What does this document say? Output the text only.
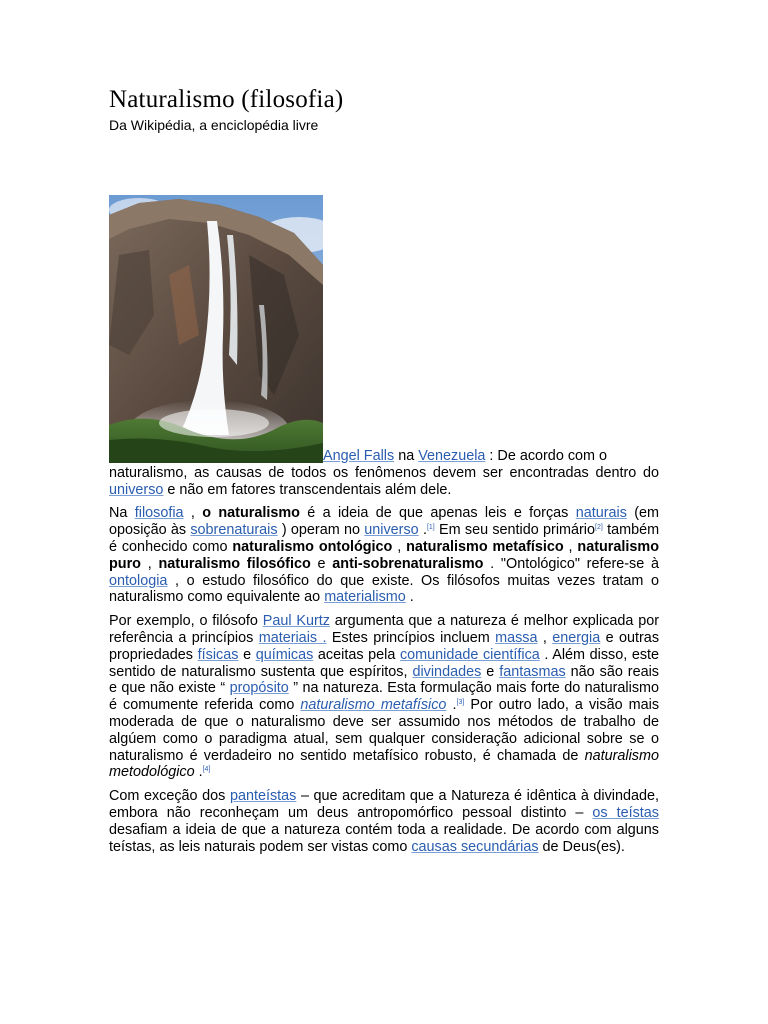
Naturalismo (filosofia)

Da Wikipédia, a enciclopédia livre

Angel Falls na Venezuela : De acordo com o
naturalismo, as causas de todos os fenômenos devem ser encontradas dentro do universo e não em fatores transcendentais além dele.

Na filosofia , o naturalismo é a ideia de que apenas leis e forças naturais (em oposição às sobrenaturais ) operam no universo .[1] Em seu sentido primário[2] também é conhecido como naturalismo ontológico , naturalismo metafísico , naturalismo puro , naturalismo filosófico e anti-sobrenaturalismo . "Ontológico" refere-se à ontologia , o estudo filosófico do que existe. Os filósofos muitas vezes tratam o naturalismo como equivalente ao materialismo .

Por exemplo, o filósofo Paul Kurtz argumenta que a natureza é melhor explicada por referência a princípios materiais . Estes princípios incluem massa , energia e outras propriedades físicas e químicas aceitas pela comunidade científica . Além disso, este sentido de naturalismo sustenta que espíritos, divindades e fantasmas não são reais e que não existe “ propósito ” na natureza. Esta formulação mais forte do naturalismo é comumente referida como naturalismo metafísico .[3] Por outro lado, a visão mais moderada de que o naturalismo deve ser assumido nos métodos de trabalho de algúem como o paradigma atual, sem qualquer consideração adicional sobre se o naturalismo é verdadeiro no sentido metafísico robusto, é chamada de naturalismo metodológico .[4]

Com exceção dos panteístas – que acreditam que a Natureza é idêntica à divindade, embora não reconheçam um deus antropomórfico pessoal distinto – os teístas desafiam a ideia de que a natureza contém toda a realidade. De acordo com alguns teístas, as leis naturais podem ser vistas como causas secundárias de Deus(es).
